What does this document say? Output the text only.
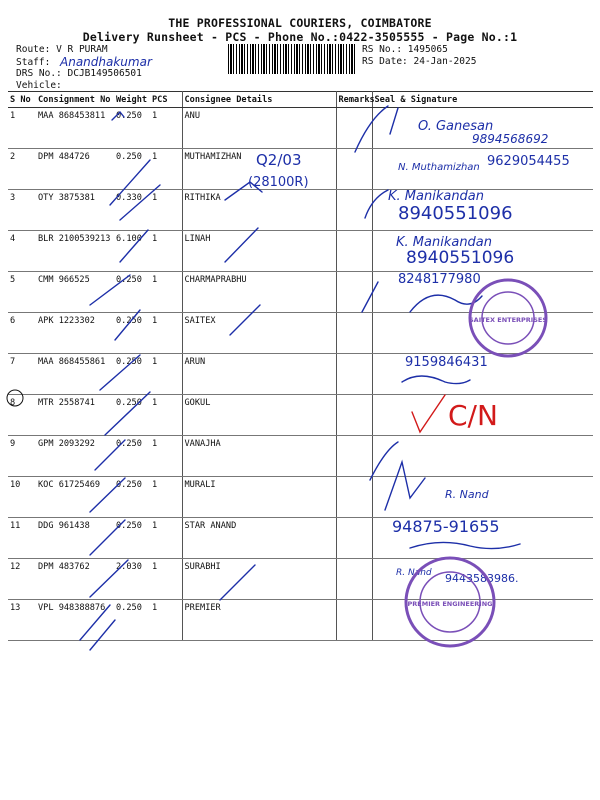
THE PROFESSIONAL COURIERS, COIMBATORE
Delivery Runsheet - PCS - Phone No.:0422-3505555 - Page No.:1
Route: V R PURAM
Staff:
DRS No.: DCJB149506501
Vehicle:
RS No.: 1495065
RS Date: 24-Jan-2025
S No	Consignment No	Weight	PCS	Consignee Details	Remarks	Seal & Signature
1	MAA 868453811	0.250	1	ANU		
2	DPM 484726	0.250	1	MUTHAMIZHAN		
3	OTY 3875381	0.330	1	RITHIKA		
4	BLR 2100539213	6.100	1	LINAH		
5	CMM 966525	0.250	1	CHARMAPRABHU		
6	APK 1223302	0.250	1	SAITEX		
7	MAA 868455861	0.250	1	ARUN		
8	MTR 2558741	0.250	1	GOKUL		
9	GPM 2093292	0.250	1	VANAJHA		
10	KOC 61725469	0.250	1	MURALI		
11	DDG 961438	0.250	1	STAR ANAND		
12	DPM 483762	2.030	1	SURABHI		
13	VPL 948388876	0.250	1	PREMIER		
Anandhakumar
O. Ganesan
9894568692
Q2/03
(28100R)
N. Muthamizhan 9629054455
K. Manikandan
8940551096
K. Manikandan
8940551096
8248177980
SAITEX ENTERPRISES
9159846431
C/N
R. Nand
94875-91655
R. Nand 9443583986.
PREMIER ENGINEERING
